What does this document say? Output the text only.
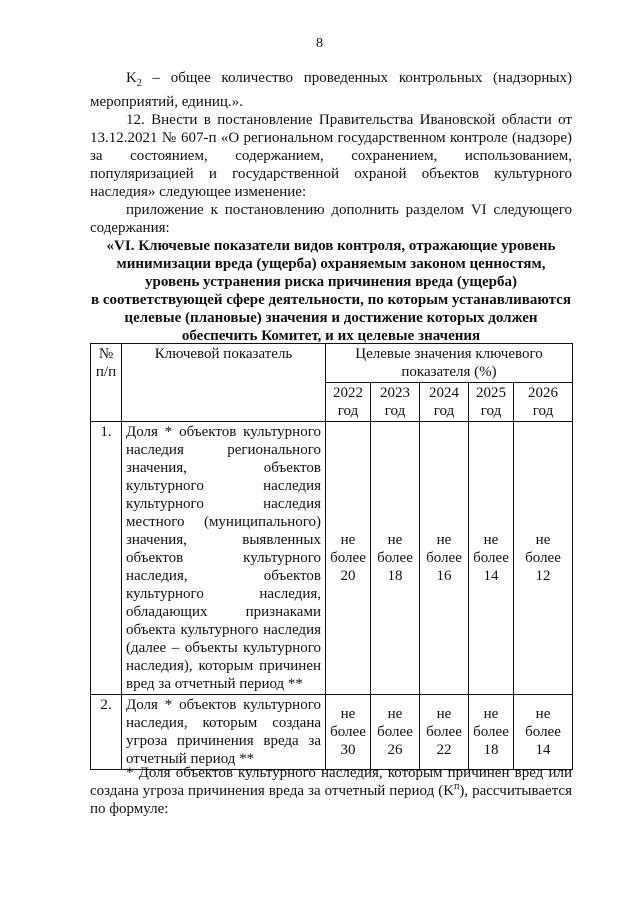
8

$K_2$ – общее количество проведенных контрольных (надзорных) мероприятий, единиц.».

12. Внести в постановление Правительства Ивановской области от 13.12.2021 № 607-п «О региональном государственном контроле (надзоре) за состоянием, содержанием, сохранением, использованием, популяризацией и государственной охраной объектов культурного наследия» следующее изменение:

приложение к постановлению дополнить разделом VI следующего содержания:

«VI. Ключевые показатели видов контроля, отражающие уровень
минимизации вреда (ущерба) охраняемым законом ценностям,
уровень устранения риска причинения вреда (ущерба)
в соответствующей сфере деятельности, по которым устанавливаются
целевые (плановые) значения и достижение которых должен
обеспечить Комитет, и их целевые значения

№ п/п	Ключевой показатель	Целевые значения ключевого показателя (%)				
		2022 год	2023 год	2024 год	2025 год	2026 год
1.	Доля * объектов культурного наследия регионального значения, объектов культурного наследия культурного наследия местного (муниципального) значения, выявленных объектов культурного наследия, объектов культурного наследия, обладающих признаками объекта культурного наследия (далее – объекты культурного наследия), которым причинен вред за отчетный период **	не более 20	не более 18	не более 16	не более 14	не более 12
2.	Доля * объектов культурного наследия, которым создана угроза причинения вреда за отчетный период **	не более 30	не более 26	не более 22	не более 18	не более 14

* Доля объектов культурного наследия, которым причинен вред или создана угроза причинения вреда за отчетный период $(K^п)$, рассчитывается по формуле:
